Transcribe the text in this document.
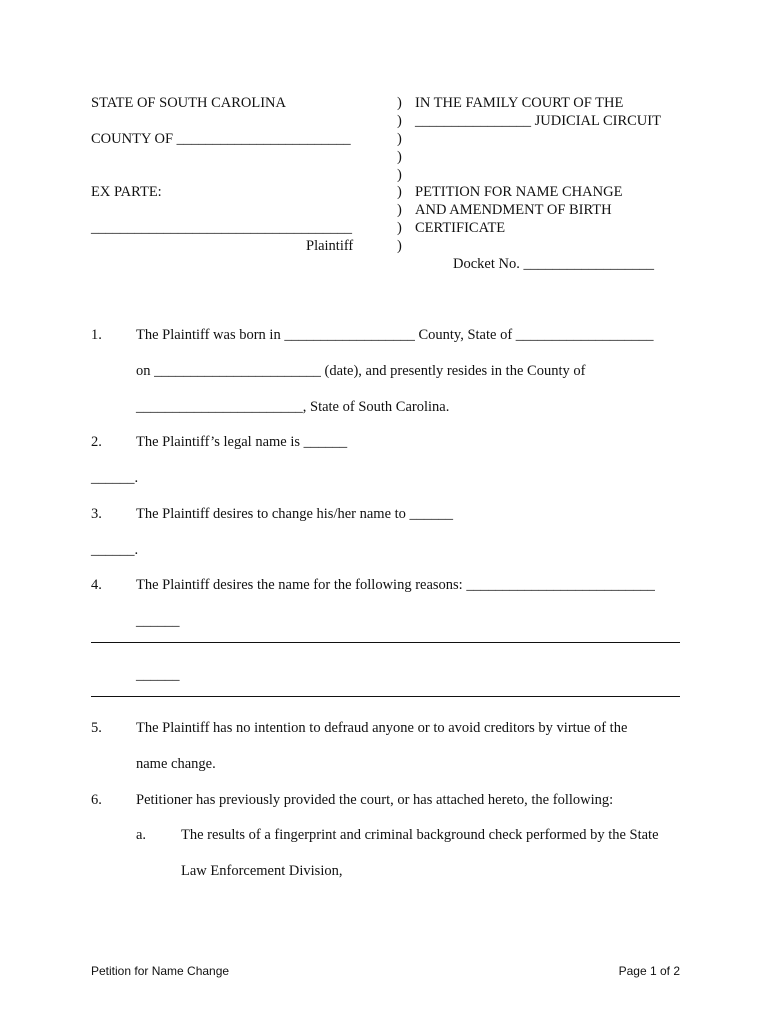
STATE OF SOUTH CAROLINA
COUNTY OF ________________________
EX PARTE:
____________________________________
Plaintiff
)
)
)
)
)
)
)
)
)
IN THE FAMILY COURT OF THE
________________ JUDICIAL CIRCUIT
PETITION FOR NAME CHANGE
AND AMENDMENT OF BIRTH
CERTIFICATE
Docket No. __________________
1. The Plaintiff was born in __________________ County, State of ___________________
on _______________________ (date), and presently resides in the County of
_______________________, State of South Carolina.
2. The Plaintiff’s legal name is ______
______.
3. The Plaintiff desires to change his/her name to ______
______.
4. The Plaintiff desires the name for the following reasons: __________________________
______
______
5. The Plaintiff has no intention to defraud anyone or to avoid creditors by virtue of the
name change.
6. Petitioner has previously provided the court, or has attached hereto, the following:
a. The results of a fingerprint and criminal background check performed by the State
Law Enforcement Division,
Petition for Name Change	Page 1 of 2
